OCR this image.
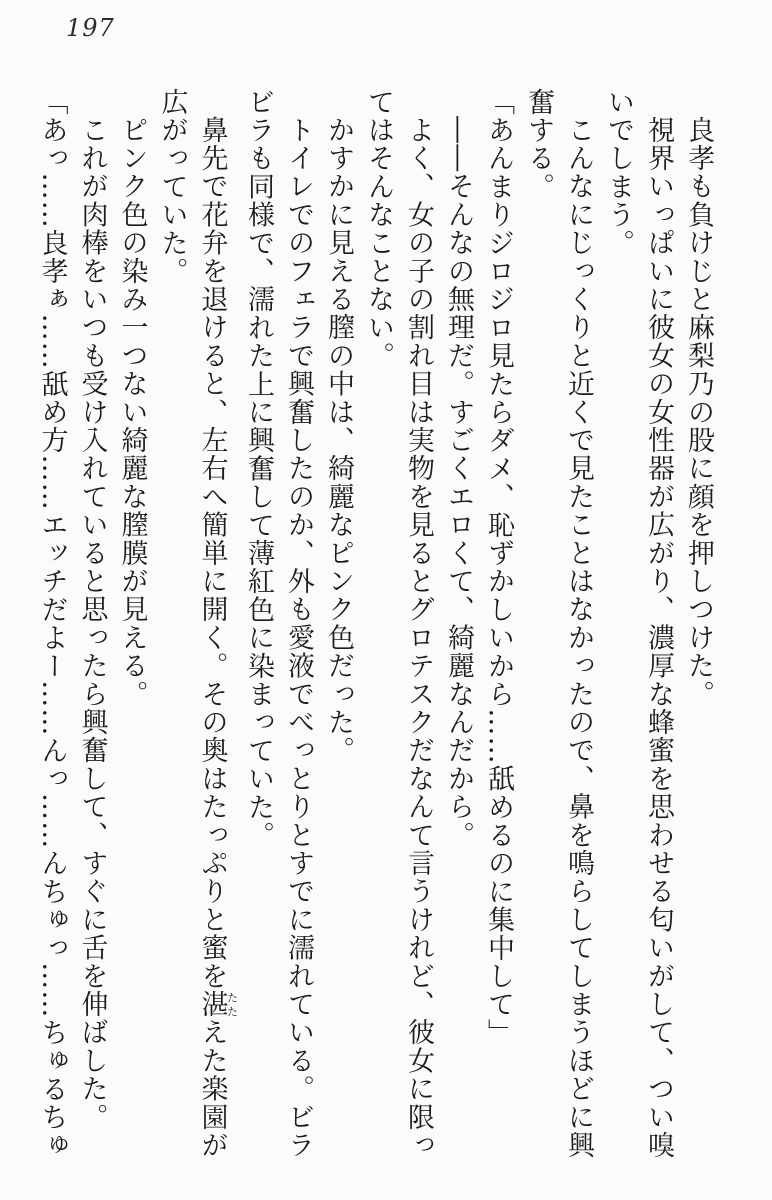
197

良孝も負けじと麻梨乃の股に顔を押しつけた。

視界いっぱいに彼女の女性器が広がり、濃厚な蜂蜜を思わせる匂いがして、つい嗅

いでしまう。

こんなにじっくりと近くで見たことはなかったので、鼻を鳴らしてしまうほどに興

奮する。

「あんまりジロジロ見たらダメ、恥ずかしいから……舐めるのに集中して」

――そんなの無理だ。すごくエロくて、綺麗なんだから。

よく、女の子の割れ目は実物を見るとグロテスクだなんて言うけれど、彼女に限っ

てはそんなことない。

かすかに見える膣の中は、綺麗なピンク色だった。

トイレでのフェラで興奮したのか、外も愛液でべっとりとすでに濡れている。ビラ

ビラも同様で、濡れた上に興奮して薄紅色に染まっていた。

鼻先で花弁を退けると、左右へ簡単に開く。その奥はたっぷりと蜜を湛たたえた楽園が

広がっていた。

ピンク色の染み一つない綺麗な膣膜が見える。

これが肉棒をいつも受け入れていると思ったら興奮して、すぐに舌を伸ばした。

「あっ……良孝ぁ……舐め方……エッチだよー……んっ……んちゅっ……ちゅるちゅ
